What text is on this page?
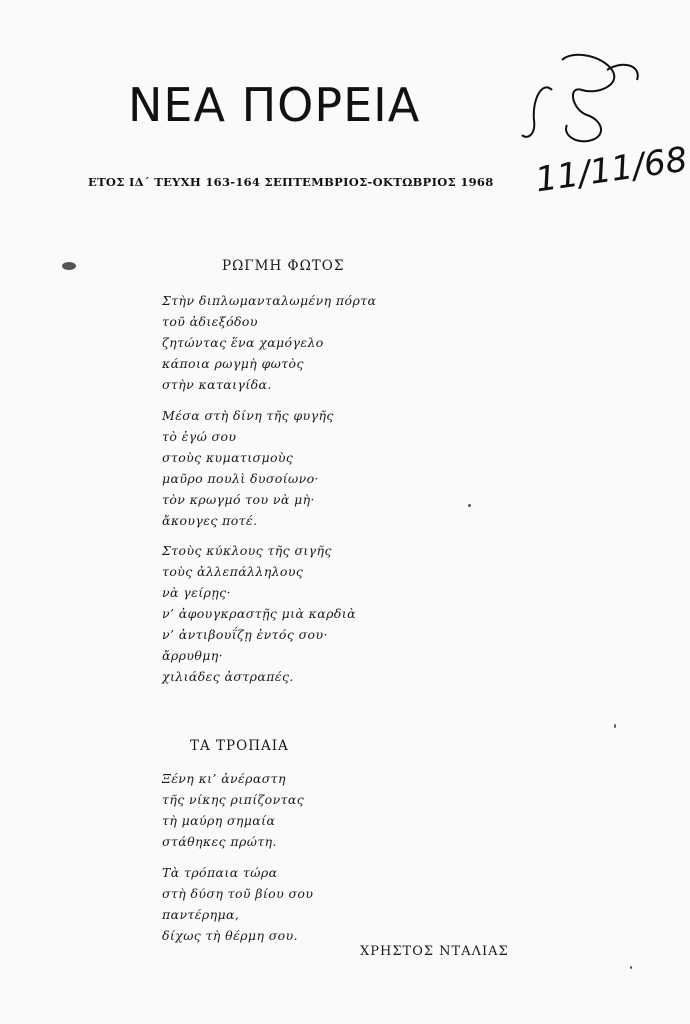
ΝΕΑ ΠΟΡΕΙΑ
ΕΤΟΣ ΙΔ΄ ΤΕΥΧΗ 163-164 ΣΕΠΤΕΜΒΡΙΟΣ-ΟΚΤΩΒΡΙΟΣ 1968 11/11/68
ΡΩΓΜΗ ΦΩΤΟΣ
Στὴν διπλωμανταλωμένη πόρτα
τοῦ ἀδιεξόδου
ζητώντας ἕνα χαμόγελο
κάποια ρωγμὴ φωτὸς
στὴν καταιγίδα.
Μέσα στὴ δίνη τῆς φυγῆς
τὸ ἐγώ σου
στοὺς κυματισμοὺς
μαῦρο πουλὶ δυσοίωνο·
τὸν κρωγμό του νὰ μὴ·
ἄκουγες ποτέ.
Στοὺς κύκλους τῆς σιγῆς
τοὺς ἀλλεπάλληλους
νὰ γείρῃς·
ν’ ἀφουγκραστῇς μιὰ καρδιὰ
ν’ ἀντιβουΐζῃ ἐντός σου·
ἄρρυθμη·
χιλιάδες ἀστραπές.
ΤΑ ΤΡΟΠΑΙΑ
Ξένη κι’ ἀνέραστη
τῆς νίκης ριπίζοντας
τὴ μαύρη σημαία
στάθηκες πρώτη.
Τὰ τρόπαια τώρα
στὴ δύση τοῦ βίου σου
παντέρημα,
δίχως τὴ θέρμη σου.
ΧΡΗΣΤΟΣ ΝΤΑΛΙΑΣ
